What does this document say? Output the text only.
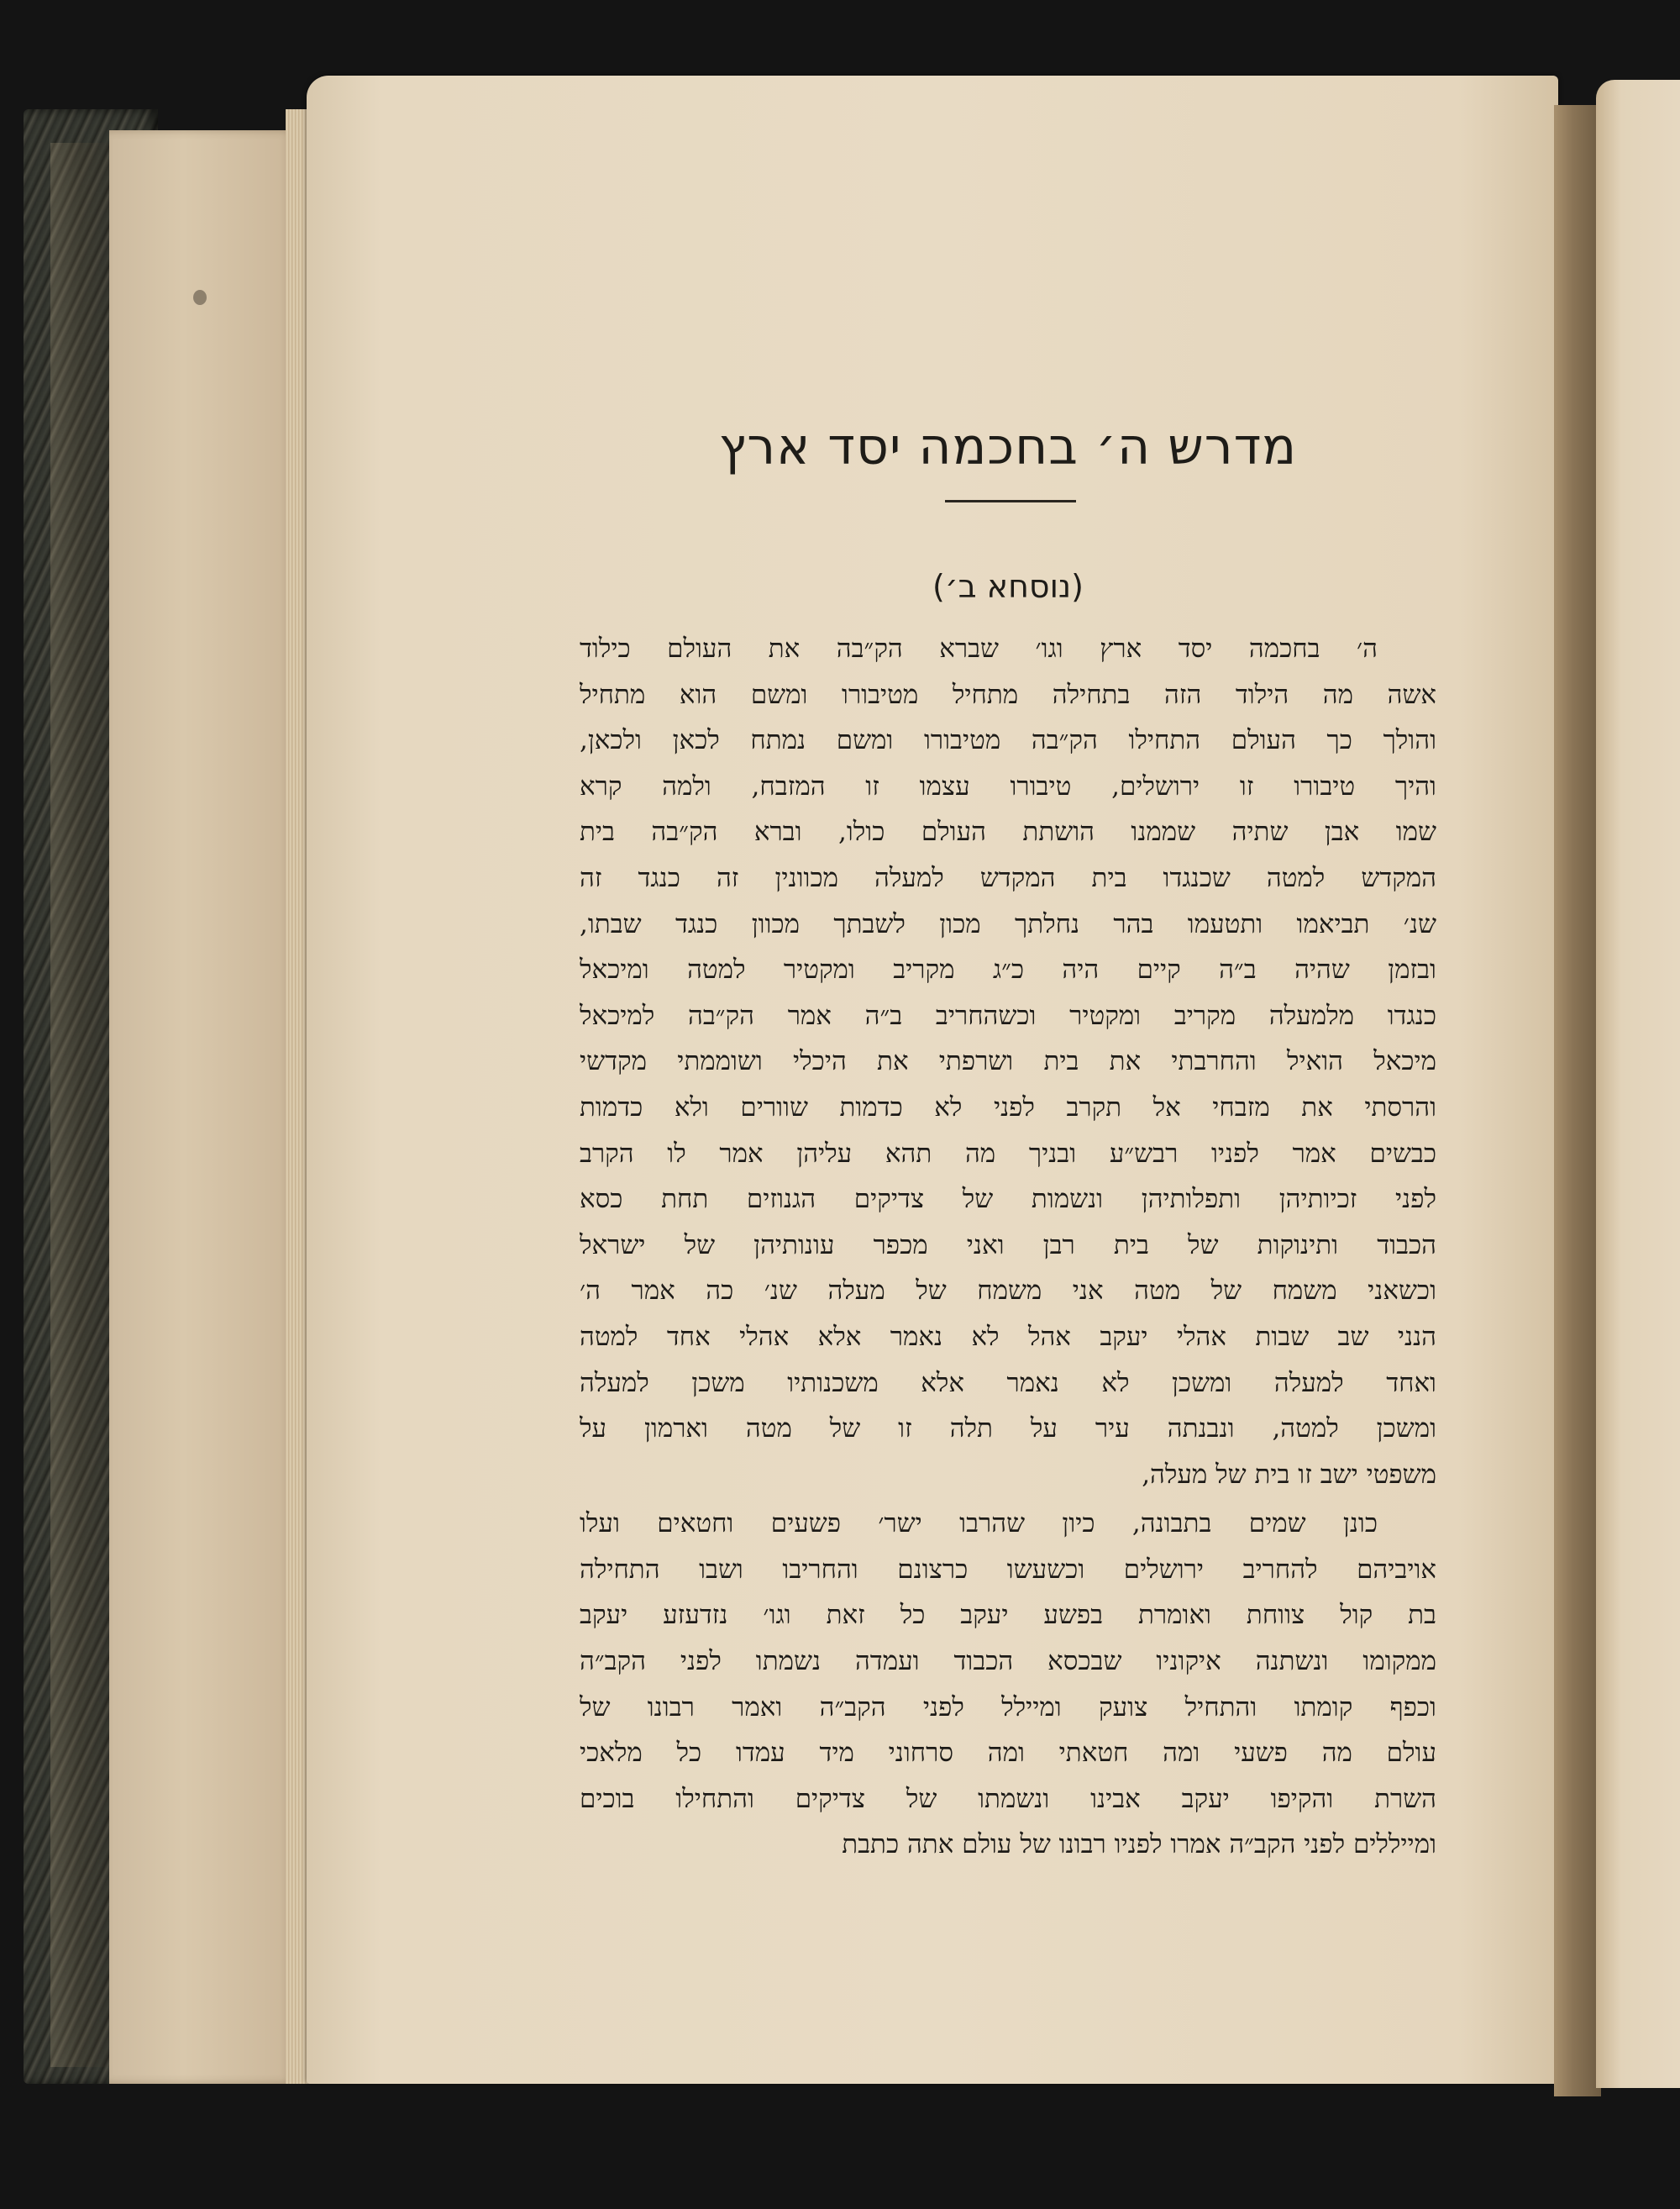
מדרש ה׳ בחכמה יסד ארץ
(נוסחא ב׳)
ה׳ בחכמה יסד ארץ וגו׳ שברא הק״בה את העולם כילוד
אשה מה הילוד הזה בתחילה מתחיל מטיבורו ומשם הוא מתחיל
והולך כך העולם התחילו הק״בה מטיבורו ומשם נמתח לכאן ולכאן,
והיך טיבורו זו ירושלים, טיבורו עצמו זו המזבח, ולמה קרא
שמו אבן שתיה שממנו הושתת העולם כולו, וברא הק״בה בית
המקדש למטה שכנגדו בית המקדש למעלה מכוונין זה כנגד זה
שנ׳ תביאמו ותטעמו בהר נחלתך מכון לשבתך מכוון כנגד שבתו,
ובזמן שהיה ב״ה קיים היה כ״ג מקריב ומקטיר למטה ומיכאל
כנגדו מלמעלה מקריב ומקטיר וכשהחריב ב״ה אמר הק״בה למיכאל
מיכאל הואיל והחרבתי את בית ושרפתי את היכלי ושוממתי מקדשי
והרסתי את מזבחי אל תקרב לפני לא כדמות שוורים ולא כדמות
כבשים אמר לפניו רבש״ע ובניך מה תהא עליהן אמר לו הקרב
לפני זכיותיהן ותפלותיהן ונשמות של צדיקים הגנוזים תחת כסא
הכבוד ותינוקות של בית רבן ואני מכפר עונותיהן של ישראל
וכשאני משמח של מטה אני משמח של מעלה שנ׳ כה אמר ה׳
הנני שב שבות אהלי יעקב אהל לא נאמר אלא אהלי אחד למטה
ואחד למעלה ומשכן לא נאמר אלא משכנותיו משכן למעלה
ומשכן למטה, ונבנתה עיר על תלה זו של מטה וארמון על
משפטי ישב זו בית של מעלה,
כונן שמים בתבונה, כיון שהרבו ישר׳ פשעים וחטאים ועלו
אויביהם להחריב ירושלים וכשעשו כרצונם והחריבו ושבו התחילה
בת קול צווחת ואומרת בפשע יעקב כל זאת וגו׳ נזדעזע יעקב
ממקומו ונשתנה איקוניו שבכסא הכבוד ועמדה נשמתו לפני הקב״ה
וכפף קומתו והתחיל צועק ומיילל לפני הקב״ה ואמר רבונו של
עולם מה פשעי ומה חטאתי ומה סרחוני מיד עמדו כל מלאכי
השרת והקיפו יעקב אבינו ונשמתו של צדיקים והתחילו בוכים
ומייללים לפני הקב״ה אמרו לפניו רבונו של עולם אתה כתבת
